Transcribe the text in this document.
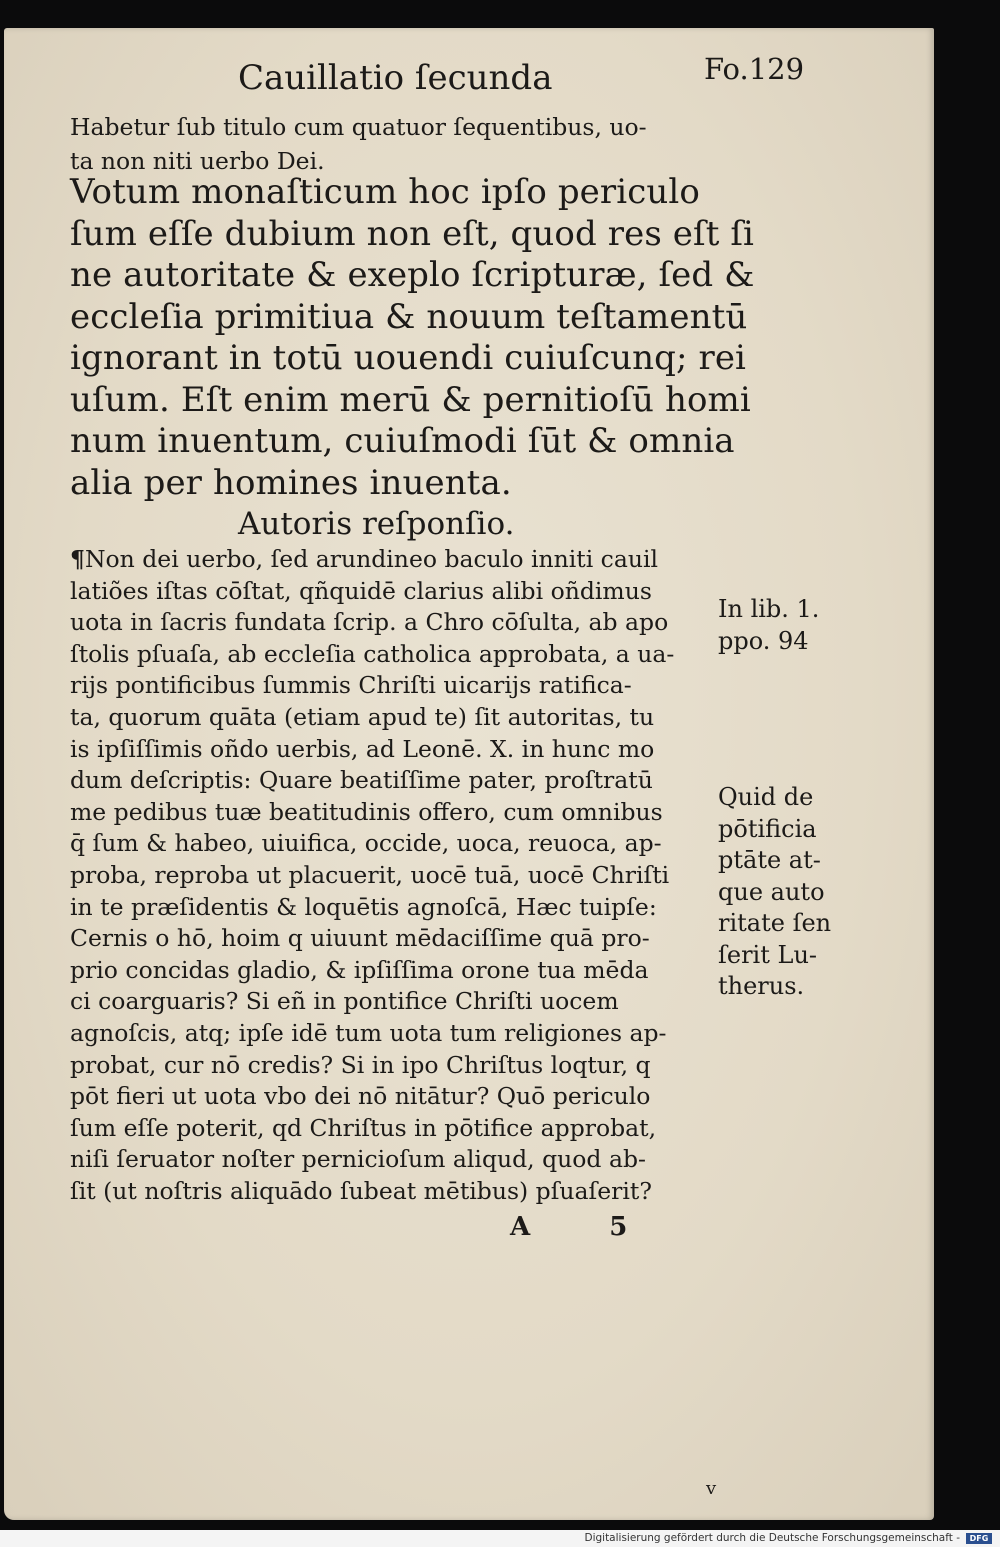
Cauillatio ſecunda	Fo.129
Habetur ſub titulo cum quatuor ſequentibus, uo-
ta non niti uerbo Dei.
Votum monaſticum hoc ipſo periculo
ſum eſſe dubium non eſt, quod res eſt ſi
ne autoritate & exeplo ſcripturæ, ſed &
eccleſia primitiua & nouum teſtamentū
ignorant in totū uouendi cuiuſcunq; rei
uſum. Eſt enim merū & pernitioſū homi
num inuentum, cuiuſmodi ſūt & omnia
alia per homines inuenta.
Autoris reſponſio.
¶Non dei uerbo, ſed arundineo baculo inniti cauil
latiões iſtas cōſtat, qñquidē clarius alibi oñdimus
uota in ſacris fundata ſcrip. a Chro cōſulta, ab apo
ſtolis pſuaſa, ab eccleſia catholica approbata, a ua-
rijs pontificibus ſummis Chriſti uicarijs ratifica-
ta, quorum quāta (etiam apud te) ſit autoritas, tu
is ipſiſſimis oñdo uerbis, ad Leonē. X. in hunc mo
dum deſcriptis: Quare beatiſſime pater, proſtratū
me pedibus tuæ beatitudinis offero, cum omnibus
q̄ ſum & habeo, uiuifica, occide, uoca, reuoca, ap-
proba, reproba ut placuerit, uocē tuā, uocē Chriſti
in te præſidentis & loquētis agnoſcā, Hæc tuipſe:
Cernis o hō, hoim q uiuunt mēdaciſſime quā pro-
prio concidas gladio, & ipſiſſima orone tua mēda
ci coarguaris? Si eñ in pontifice Chriſti uocem
agnoſcis, atq; ipſe idē tum uota tum religiones ap-
probat, cur nō credis? Si in ipo Chriſtus loqtur, q
pōt fieri ut uota vbo dei nō nitātur? Quō periculo
ſum eſſe poterit, qd Chriſtus in pōtifice approbat,
niſi ſeruator noſter pernicioſum aliqud, quod ab-
ſit (ut noſtris aliquādo ſubeat mētibus) pſuaſerit?
In lib. 1.
ppo. 94
Quid de
pōtificia
ptāte at-
que auto
ritate ſen
ſerit Lu-
therus.
A 5
v
Digitalisierung gefördert durch die Deutsche Forschungsgemeinschaft -	DFG
